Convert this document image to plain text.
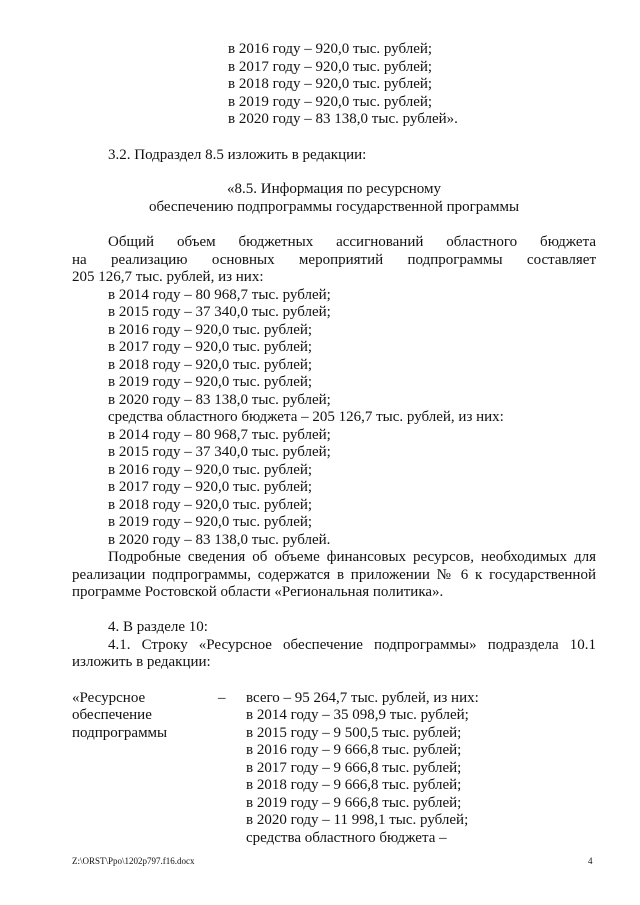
в 2016 году – 920,0 тыс. рублей;
в 2017 году – 920,0 тыс. рублей;
в 2018 году – 920,0 тыс. рублей;
в 2019 году – 920,0 тыс. рублей;
в 2020 году – 83 138,0 тыс. рублей».
3.2. Подраздел 8.5 изложить в редакции:
«8.5. Информация по ресурсному
обеспечению подпрограммы государственной программы
Общий объем бюджетных ассигнований областного бюджета
на реализацию основных мероприятий подпрограммы составляет
205 126,7 тыс. рублей, из них:
в 2014 году – 80 968,7 тыс. рублей;
в 2015 году – 37 340,0 тыс. рублей;
в 2016 году – 920,0 тыс. рублей;
в 2017 году – 920,0 тыс. рублей;
в 2018 году – 920,0 тыс. рублей;
в 2019 году – 920,0 тыс. рублей;
в 2020 году – 83 138,0 тыс. рублей;
средства областного бюджета – 205 126,7 тыс. рублей, из них:
в 2014 году – 80 968,7 тыс. рублей;
в 2015 году – 37 340,0 тыс. рублей;
в 2016 году – 920,0 тыс. рублей;
в 2017 году – 920,0 тыс. рублей;
в 2018 году – 920,0 тыс. рублей;
в 2019 году – 920,0 тыс. рублей;
в 2020 году – 83 138,0 тыс. рублей.
Подробные сведения об объеме финансовых ресурсов, необходимых для
реализации подпрограммы, содержатся в приложении № 6 к государственной
программе Ростовской области «Региональная политика».
4. В разделе 10:
4.1. Строку «Ресурсное обеспечение подпрограммы» подраздела 10.1
изложить в редакции:
«Ресурсное
обеспечение
подпрограммы
– всего – 95 264,7 тыс. рублей, из них:
в 2014 году – 35 098,9 тыс. рублей;
в 2015 году – 9 500,5 тыс. рублей;
в 2016 году – 9 666,8 тыс. рублей;
в 2017 году – 9 666,8 тыс. рублей;
в 2018 году – 9 666,8 тыс. рублей;
в 2019 году – 9 666,8 тыс. рублей;
в 2020 году – 11 998,1 тыс. рублей;
средства областного бюджета –
Z:\ORST\Ppo\1202p797.f16.docx	4
